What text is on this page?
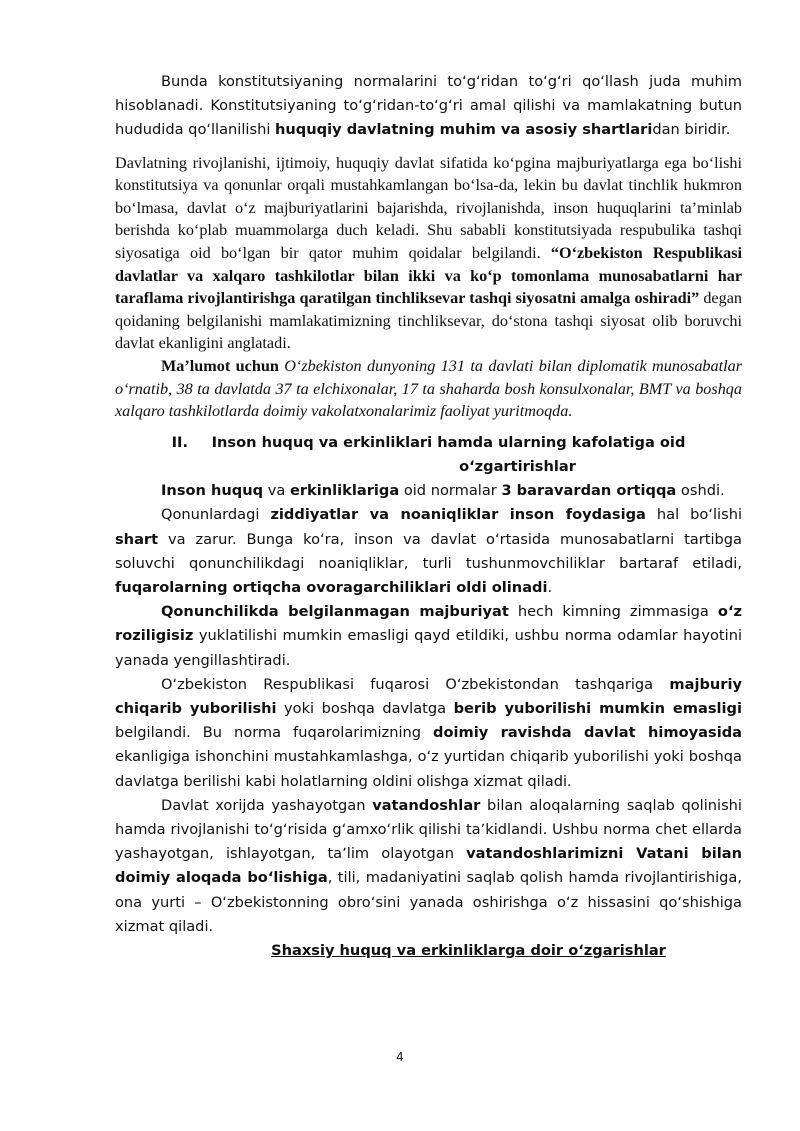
Bunda konstitutsiyaning normalarini toʻgʻridan toʻgʻri qoʻllash juda muhim hisoblanadi. Konstitutsiyaning toʻgʻridan-toʻgʻri amal qilishi va mamlakatning butun hududida qoʻllanilishi huquqiy davlatning muhim va asosiy shartlaridan biridir.

Davlatning rivojlanishi, ijtimoiy, huquqiy davlat sifatida ko‘pgina majburiyatlarga ega bo‘lishi konstitutsiya va qonunlar orqali mustahkamlangan bo‘lsa-da, lekin bu davlat tinchlik hukmron bo‘lmasa, davlat o‘z majburiyatlarini bajarishda, rivojlanishda, inson huquqlarini ta’minlab berishda ko‘plab muammolarga duch keladi. Shu sababli konstitutsiyada respubulika tashqi siyosatiga oid bo‘lgan bir qator muhim qoidalar belgilandi. “O‘zbekiston Respublikasi davlatlar va xalqaro tashkilotlar bilan ikki va ko‘p tomonlama munosabatlarni har taraflama rivojlantirishga qaratilgan tinchliksevar tashqi siyosatni amalga oshiradi” degan qoidaning belgilanishi mamlakatimizning tinchliksevar, do‘stona tashqi siyosat olib boruvchi davlat ekanligini anglatadi.

Ma’lumot uchun O‘zbekiston dunyoning 131 ta davlati bilan diplomatik munosabatlar o‘rnatib, 38 ta davlatda 37 ta elchixonalar, 17 ta shaharda bosh konsulxonalar, BMT va boshqa xalqaro tashkilotlarda doimiy vakolatxonalarimiz faoliyat yuritmoqda.

II. Inson huquq va erkinliklari hamda ularning kafolatiga oid
oʻzgartirishlar

Inson huquq va erkinliklariga oid normalar 3 baravardan ortiqqa oshdi.

Qonunlardagi ziddiyatlar va noaniqliklar inson foydasiga hal boʻlishi shart va zarur. Bunga koʻra, inson va davlat oʻrtasida munosabatlarni tartibga soluvchi qonunchilikdagi noaniqliklar, turli tushunmovchiliklar bartaraf etiladi, fuqarolarning ortiqcha ovoragarchiliklari oldi olinadi.

Qonunchilikda belgilanmagan majburiyat hech kimning zimmasiga oʻz roziligisiz yuklatilishi mumkin emasligi qayd etildiki, ushbu norma odamlar hayotini yanada yengillashtiradi.

Oʻzbekiston Respublikasi fuqarosi Oʻzbekistondan tashqariga majburiy chiqarib yuborilishi yoki boshqa davlatga berib yuborilishi mumkin emasligi belgilandi. Bu norma fuqarolarimizning doimiy ravishda davlat himoyasida ekanligiga ishonchini mustahkamlashga, oʻz yurtidan chiqarib yuborilishi yoki boshqa davlatga berilishi kabi holatlarning oldini olishga xizmat qiladi.

Davlat xorijda yashayotgan vatandoshlar bilan aloqalarning saqlab qolinishi hamda rivojlanishi toʻgʻrisida gʻamxoʻrlik qilishi taʼkidlandi. Ushbu norma chet ellarda yashayotgan, ishlayotgan, taʼlim olayotgan vatandoshlarimizni Vatani bilan doimiy aloqada boʻlishiga, tili, madaniyatini saqlab qolish hamda rivojlantirishiga, ona yurti – Oʻzbekistonning obroʻsini yanada oshirishga oʻz hissasini qoʻshishiga xizmat qiladi.

Shaxsiy huquq va erkinliklarga doir oʻzgarishlar
4
